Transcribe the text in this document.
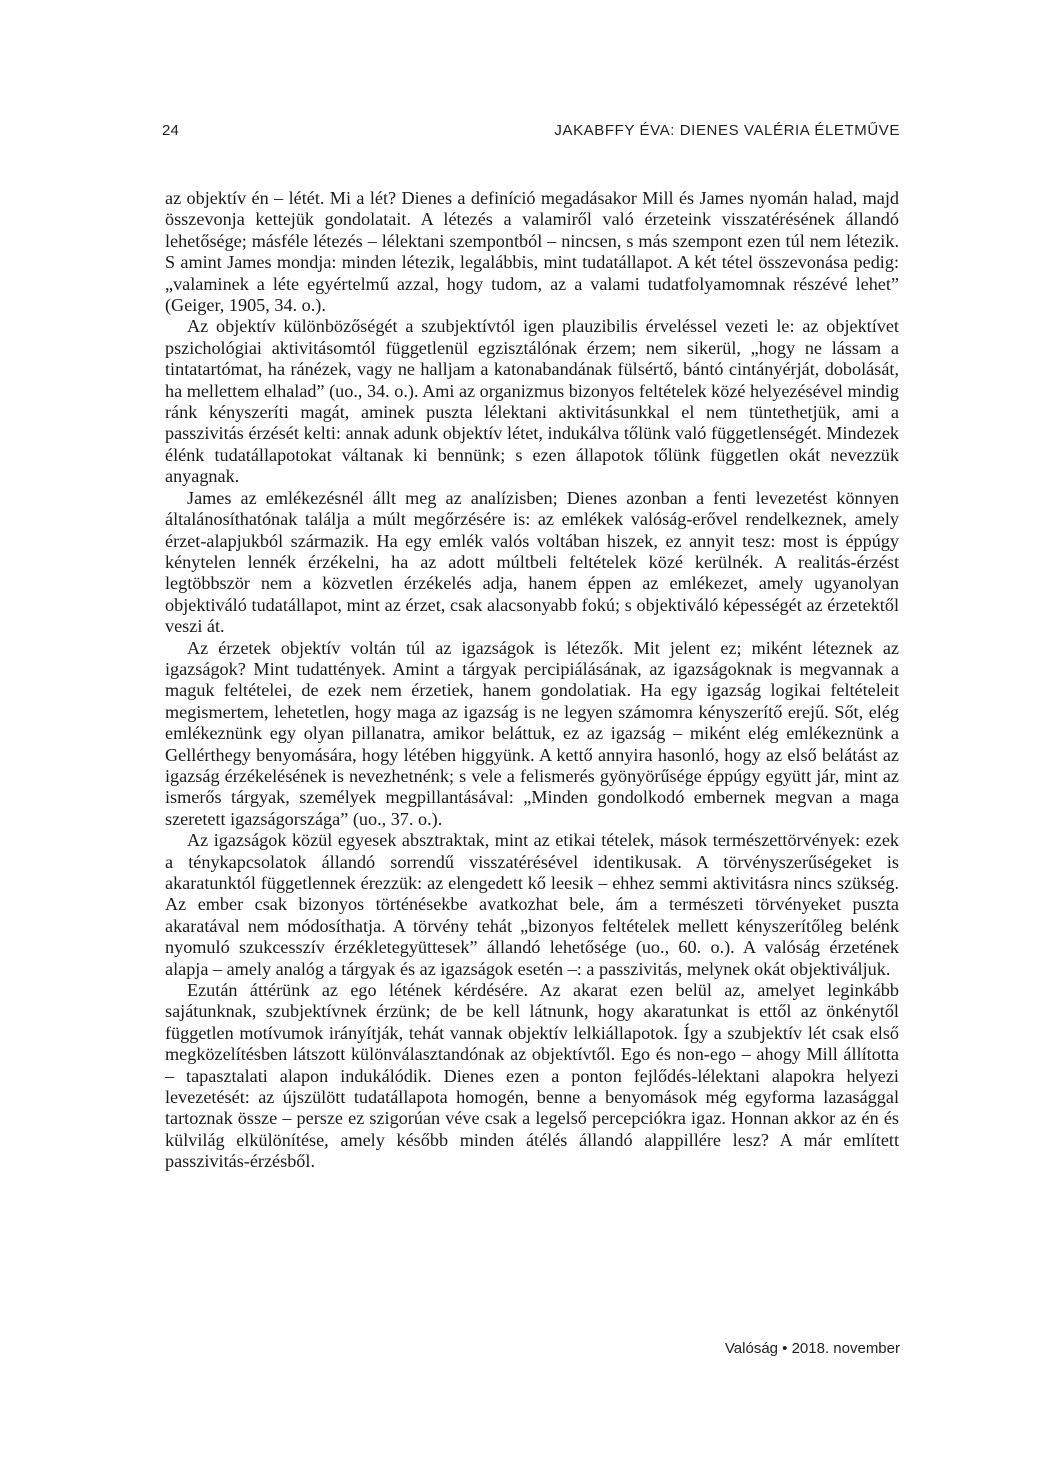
24	JAKABFFY ÉVA: DIENES VALÉRIA ÉLETMŰVE

az objektív én – létét. Mi a lét? Dienes a definíció megadásakor Mill és James nyomán halad, majd összevonja kettejük gondolatait. A létezés a valamiről való érzeteink visszatérésének állandó lehetősége; másféle létezés – lélektani szempontból – nincsen, s más szempont ezen túl nem létezik. S amint James mondja: minden létezik, legalábbis, mint tudatállapot. A két tétel összevonása pedig: „valaminek a léte egyértelmű azzal, hogy tudom, az a valami tudatfolyamomnak részévé lehet” (Geiger, 1905, 34. o.).

Az objektív különbözőségét a szubjektívtól igen plauzibilis érveléssel vezeti le: az objektívet pszichológiai aktivitásomtól függetlenül egzisztálónak érzem; nem sikerül, „hogy ne lássam a tintatartómat, ha ránézek, vagy ne halljam a katonabandának fülsértő, bántó cintányérját, dobolását, ha mellettem elhalad” (uo., 34. o.). Ami az organizmus bizonyos feltételek közé helyezésével mindig ránk kényszeríti magát, aminek puszta lélektani aktivitásunkkal el nem tüntethetjük, ami a passzivitás érzését kelti: annak adunk objektív létet, indukálva tőlünk való függetlenségét. Mindezek élénk tudatállapotokat váltanak ki bennünk; s ezen állapotok tőlünk független okát nevezzük anyagnak.

James az emlékezésnél állt meg az analízisben; Dienes azonban a fenti levezetést könnyen általánosíthatónak találja a múlt megőrzésére is: az emlékek valóság-erővel rendelkeznek, amely érzet-alapjukból származik. Ha egy emlék valós voltában hiszek, ez annyit tesz: most is éppúgy kénytelen lennék érzékelni, ha az adott múltbeli feltételek közé kerülnék. A realitás-érzést legtöbbször nem a közvetlen érzékelés adja, hanem éppen az emlékezet, amely ugyanolyan objektiváló tudatállapot, mint az érzet, csak alacsonyabb fokú; s objektiváló képességét az érzetektől veszi át.

Az érzetek objektív voltán túl az igazságok is létezők. Mit jelent ez; miként léteznek az igazságok? Mint tudattények. Amint a tárgyak percipiálásának, az igazságoknak is megvannak a maguk feltételei, de ezek nem érzetiek, hanem gondolatiak. Ha egy igazság logikai feltételeit megismertem, lehetetlen, hogy maga az igazság is ne legyen számomra kényszerítő erejű. Sőt, elég emlékeznünk egy olyan pillanatra, amikor beláttuk, ez az igazság – miként elég emlékeznünk a Gellérthegy benyomására, hogy létében higgyünk. A kettő annyira hasonló, hogy az első belátást az igazság érzékelésének is nevezhetnénk; s vele a felismerés gyönyörűsége éppúgy együtt jár, mint az ismerős tárgyak, személyek megpillantásával: „Minden gondolkodó embernek megvan a maga szeretett igazságországa” (uo., 37. o.).

Az igazságok közül egyesek absztraktak, mint az etikai tételek, mások természettörvények: ezek a ténykapcsolatok állandó sorrendű visszatérésével identikusak. A törvényszerűségeket is akaratunktól függetlennek érezzük: az elengedett kő leesik – ehhez semmi aktivitásra nincs szükség. Az ember csak bizonyos történésekbe avatkozhat bele, ám a természeti törvényeket puszta akaratával nem módosíthatja. A törvény tehát „bizonyos feltételek mellett kényszerítőleg belénk nyomuló szukcesszív érzékletegyüttesek” állandó lehetősége (uo., 60. o.). A valóság érzetének alapja – amely analóg a tárgyak és az igazságok esetén –: a passzivitás, melynek okát objektiváljuk.

Ezután áttérünk az ego létének kérdésére. Az akarat ezen belül az, amelyet leginkább sajátunknak, szubjektívnek érzünk; de be kell látnunk, hogy akaratunkat is ettől az önkénytől független motívumok irányítják, tehát vannak objektív lelkiállapotok. Így a szubjektív lét csak első megközelítésben látszott különválasztandónak az objektívtől. Ego és non-ego – ahogy Mill állította – tapasztalati alapon indukálódik. Dienes ezen a ponton fejlődés-lélektani alapokra helyezi levezetését: az újszülött tudatállapota homogén, benne a benyomások még egyforma lazasággal tartoznak össze – persze ez szigorúan véve csak a legelső percepciókra igaz. Honnan akkor az én és külvilág elkülönítése, amely később minden átélés állandó alappillére lesz? A már említett passzivitás-érzésből.

Valóság • 2018. november
